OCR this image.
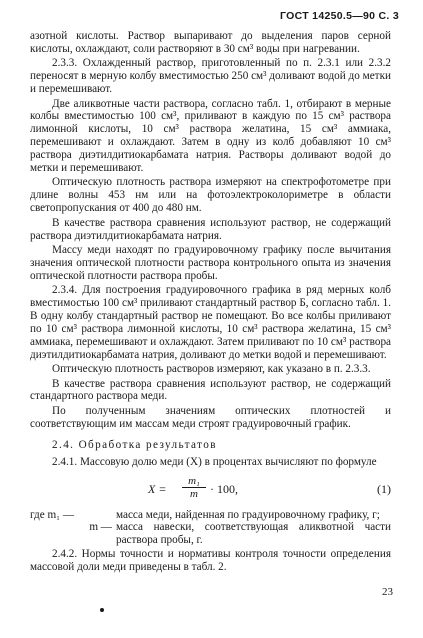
ГОСТ 14250.5—90 С. 3

азотной кислоты. Раствор выпаривают до выделения паров серной кислоты, охлаждают, соли растворяют в 30 см³ воды при нагревании.

2.3.3. Охлажденный раствор, приготовленный по п. 2.3.1 или 2.3.2 переносят в мерную колбу вместимостью 250 см³ доливают водой до метки и перемешивают.

Две аликвотные части раствора, согласно табл. 1, отбирают в мерные колбы вместимостью 100 см³, приливают в каждую по 15 см³ раствора лимонной кислоты, 10 см³ раствора желатина, 15 см³ аммиака, перемешивают и охлаждают. Затем в одну из колб добавляют 10 см³ раствора диэтилдитиокарбамата натрия. Растворы доливают водой до метки и перемешивают.

Оптическую плотность раствора измеряют на спектрофотометре при длине волны 453 нм или на фотоэлектроколориметре в области светопропускания от 400 до 480 нм.

В качестве раствора сравнения используют раствор, не содержащий раствора диэтилдитиокарбамата натрия.

Массу меди находят по градуировочному графику после вычитания значения оптической плотности раствора контрольного опыта из значения оптической плотности раствора пробы.

2.3.4. Для построения градуировочного графика в ряд мерных колб вместимостью 100 см³ приливают стандартный раствор Б, согласно табл. 1. В одну колбу стандартный раствор не помещают. Во все колбы приливают по 10 см³ раствора лимонной кислоты, 10 см³ раствора желатина, 15 см³ аммиака, перемешивают и охлаждают. Затем приливают по 10 см³ раствора диэтилдитиокарбамата натрия, доливают до метки водой и перемешивают.

Оптическую плотность растворов измеряют, как указано в п. 2.3.3.

В качестве раствора сравнения используют раствор, не содержащий стандартного раствора меди.

По полученным значениям оптических плотностей и соответствующим им массам меди строят градуировочный график.

2.4. Обработка результатов

2.4.1. Массовую долю меди (X) в процентах вычисляют по формуле

$X = \frac{\text{m₁}}{m} \cdot 100$,	(1)
где m₁ —	масса меди, найденная по градуировочному графику, г;
m — масса навески, соответствующая аликвотной части раствора пробы, г.

2.4.2. Нормы точности и нормативы контроля точности определения массовой доли меди приведены в табл. 2.

23
